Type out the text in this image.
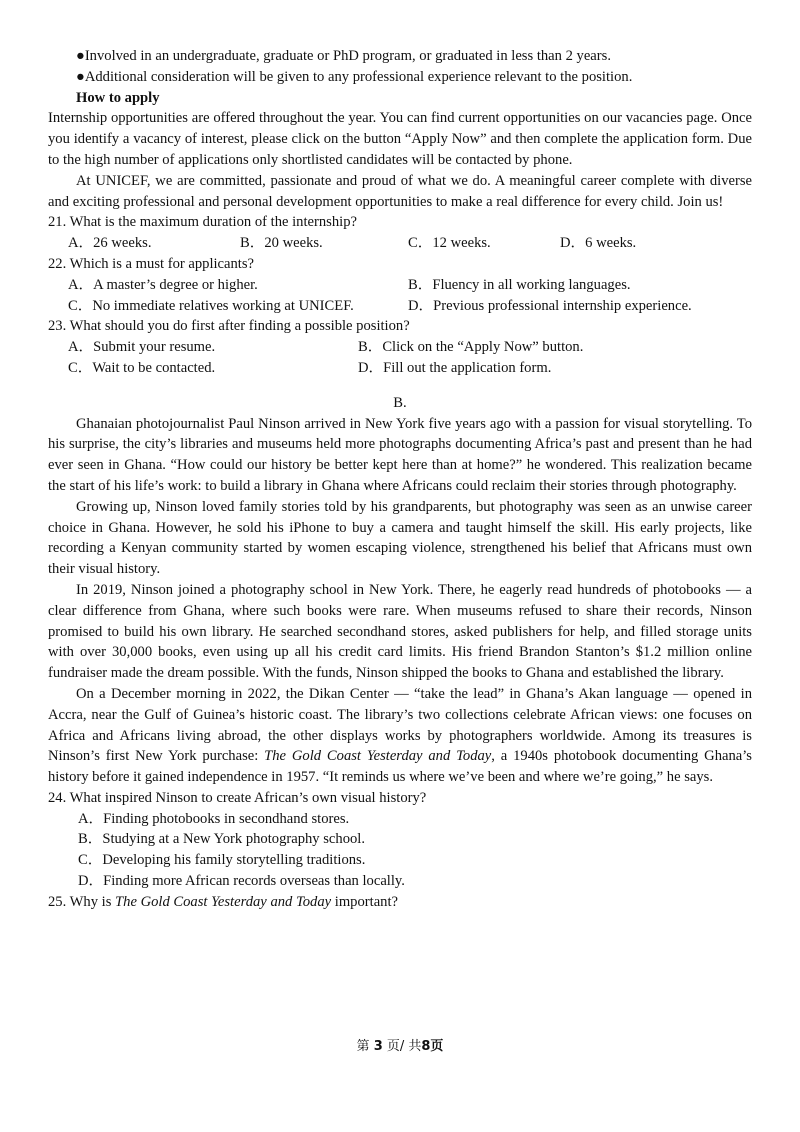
●Involved in an undergraduate, graduate or PhD program, or graduated in less than 2 years.

●Additional consideration will be given to any professional experience relevant to the position.

How to apply

Internship opportunities are offered throughout the year. You can find current opportunities on our vacancies page. Once you identify a vacancy of interest, please click on the button “Apply Now” and then complete the application form. Due to the high number of applications only shortlisted candidates will be contacted by phone.

At UNICEF, we are committed, passionate and proud of what we do. A meaningful career complete with diverse and exciting professional and personal development opportunities to make a real difference for every child. Join us!

21. What is the maximum duration of the internship?

A．26 weeks.	B．20 weeks.	C．12 weeks.	D．6 weeks.

22. Which is a must for applicants?

A．A master’s degree or higher.	B．Fluency in all working languages.
C．No immediate relatives working at UNICEF.	D．Previous professional internship experience.

23. What should you do first after finding a possible position?

A．Submit your resume.	B．Click on the “Apply Now” button.
C．Wait to be contacted.	D．Fill out the application form.

B.

Ghanaian photojournalist Paul Ninson arrived in New York five years ago with a passion for visual storytelling. To his surprise, the city’s libraries and museums held more photographs documenting Africa’s past and present than he had ever seen in Ghana. “How could our history be better kept here than at home?” he wondered. This realization became the start of his life’s work: to build a library in Ghana where Africans could reclaim their stories through photography.

Growing up, Ninson loved family stories told by his grandparents, but photography was seen as an unwise career choice in Ghana. However, he sold his iPhone to buy a camera and taught himself the skill. His early projects, like recording a Kenyan community started by women escaping violence, strengthened his belief that Africans must own their visual history.

In 2019, Ninson joined a photography school in New York. There, he eagerly read hundreds of photobooks — a clear difference from Ghana, where such books were rare. When museums refused to share their records, Ninson promised to build his own library. He searched secondhand stores, asked publishers for help, and filled storage units with over 30,000 books, even using up all his credit card limits. His friend Brandon Stanton’s $1.2 million online fundraiser made the dream possible. With the funds, Ninson shipped the books to Ghana and established the library.

On a December morning in 2022, the Dikan Center — “take the lead” in Ghana’s Akan language — opened in Accra, near the Gulf of Guinea’s historic coast. The library’s two collections celebrate African views: one focuses on Africa and Africans living abroad, the other displays works by photographers worldwide. Among its treasures is Ninson’s first New York purchase: The Gold Coast Yesterday and Today, a 1940s photobook documenting Ghana’s history before it gained independence in 1957. “It reminds us where we’ve been and where we’re going,” he says.

24. What inspired Ninson to create African’s own visual history?

A．Finding photobooks in secondhand stores.

B．Studying at a New York photography school.

C．Developing his family storytelling traditions.

D．Finding more African records overseas than locally.

25. Why is The Gold Coast Yesterday and Today important?

第 3 页/ 共8页
